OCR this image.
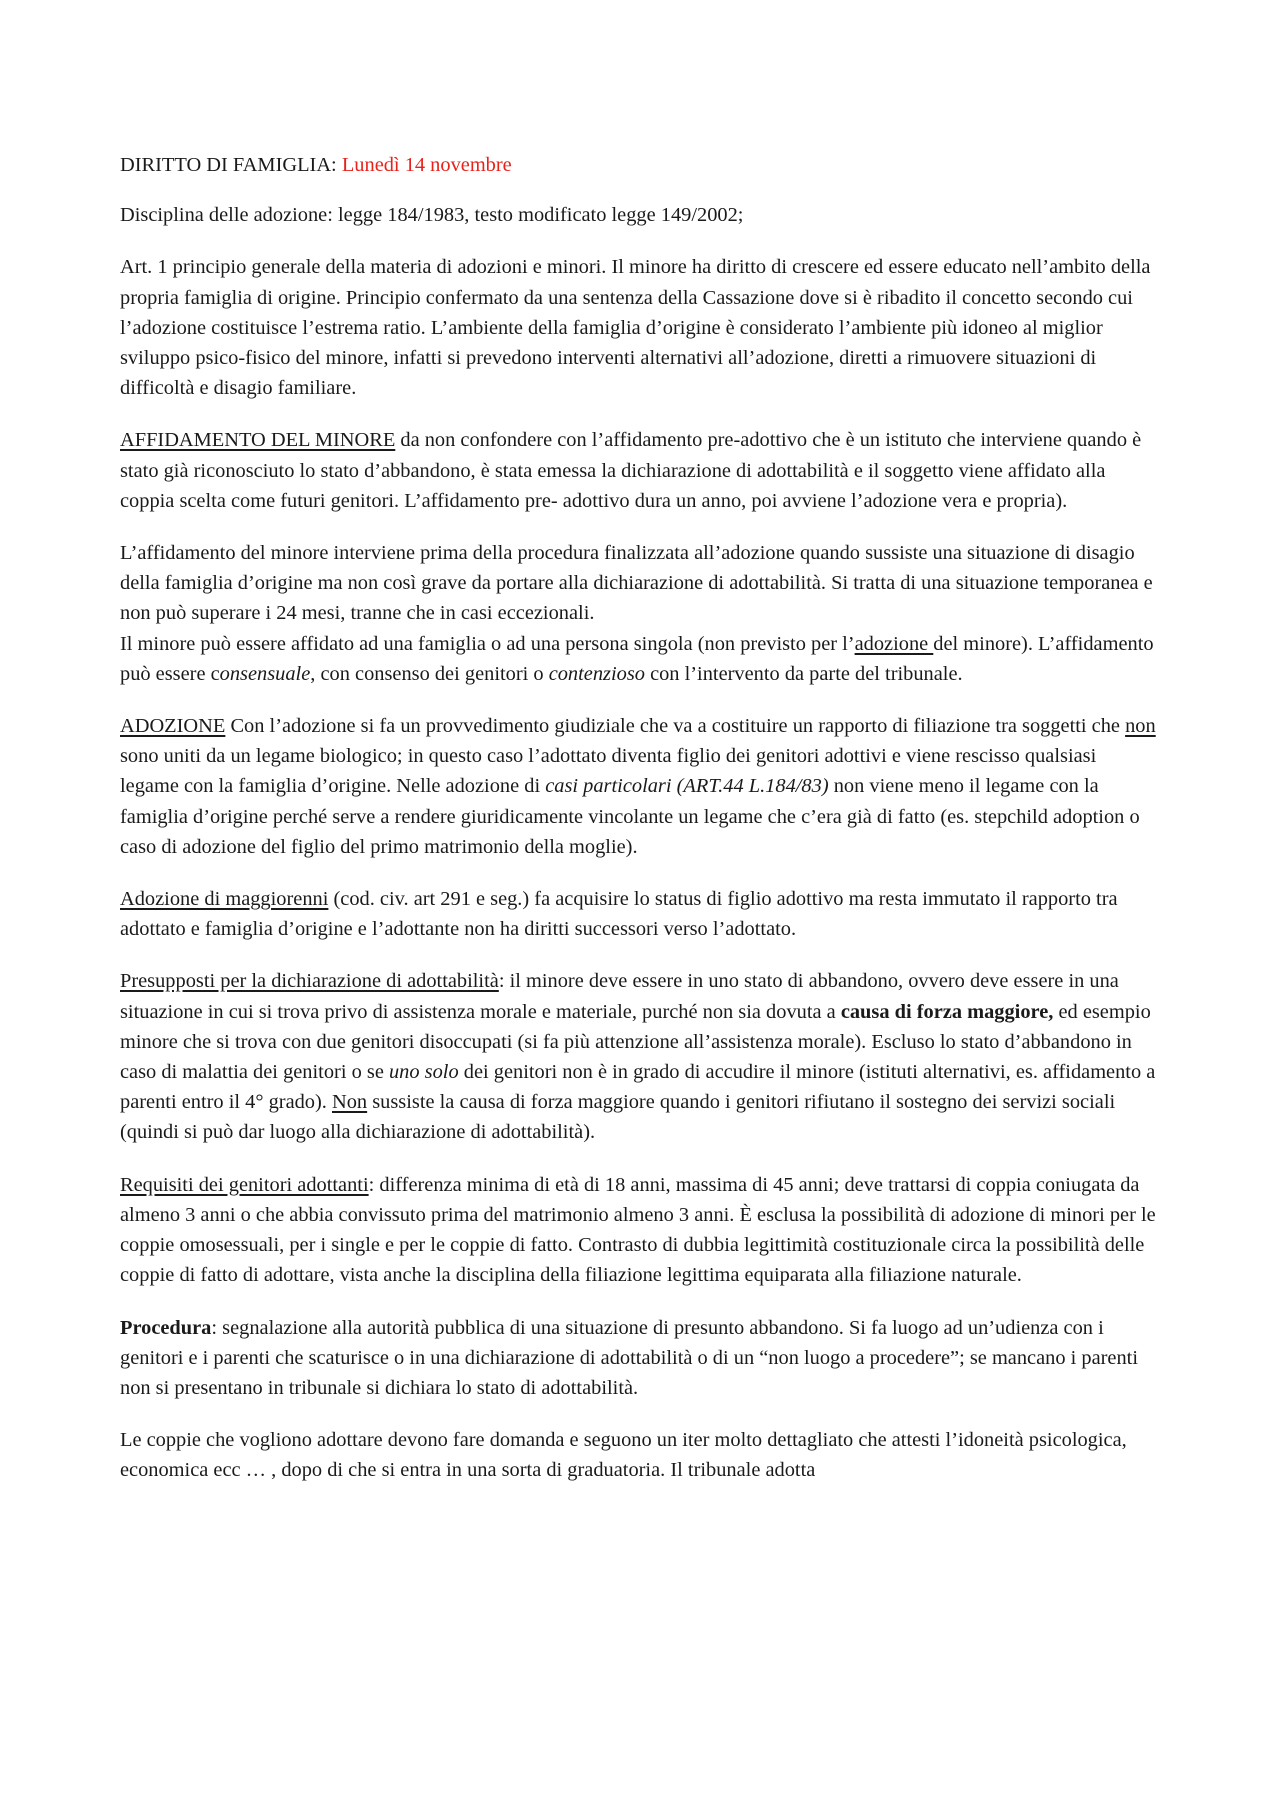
DIRITTO DI FAMIGLIA: Lunedì 14 novembre

Disciplina delle adozione: legge 184/1983, testo modificato legge 149/2002;

Art. 1 principio generale della materia di adozioni e minori. Il minore ha diritto di crescere ed essere educato nell’ambito della propria famiglia di origine. Principio confermato da una sentenza della Cassazione dove si è ribadito il concetto secondo cui l’adozione costituisce l’estrema ratio. L’ambiente della famiglia d’origine è considerato l’ambiente più idoneo al miglior sviluppo psico-fisico del minore, infatti si prevedono interventi alternativi all’adozione, diretti a rimuovere situazioni di difficoltà e disagio familiare.

AFFIDAMENTO DEL MINORE da non confondere con l’affidamento pre-adottivo che è un istituto che interviene quando è stato già riconosciuto lo stato d’abbandono, è stata emessa la dichiarazione di adottabilità e il soggetto viene affidato alla coppia scelta come futuri genitori. L’affidamento pre- adottivo dura un anno, poi avviene l’adozione vera e propria).

L’affidamento del minore interviene prima della procedura finalizzata all’adozione quando sussiste una situazione di disagio della famiglia d’origine ma non così grave da portare alla dichiarazione di adottabilità. Si tratta di una situazione temporanea e non può superare i 24 mesi, tranne che in casi eccezionali.
Il minore può essere affidato ad una famiglia o ad una persona singola (non previsto per l’adozione del minore). L’affidamento può essere consensuale, con consenso dei genitori o contenzioso con l’intervento da parte del tribunale.

ADOZIONE Con l’adozione si fa un provvedimento giudiziale che va a costituire un rapporto di filiazione tra soggetti che non sono uniti da un legame biologico; in questo caso l’adottato diventa figlio dei genitori adottivi e viene rescisso qualsiasi legame con la famiglia d’origine. Nelle adozione di casi particolari (ART.44 L.184/83) non viene meno il legame con la famiglia d’origine perché serve a rendere giuridicamente vincolante un legame che c’era già di fatto (es. stepchild adoption o caso di adozione del figlio del primo matrimonio della moglie).

Adozione di maggiorenni (cod. civ. art 291 e seg.) fa acquisire lo status di figlio adottivo ma resta immutato il rapporto tra adottato e famiglia d’origine e l’adottante non ha diritti successori verso l’adottato.

Presupposti per la dichiarazione di adottabilità: il minore deve essere in uno stato di abbandono, ovvero deve essere in una situazione in cui si trova privo di assistenza morale e materiale, purché non sia dovuta a causa di forza maggiore, ed esempio minore che si trova con due genitori disoccupati (si fa più attenzione all’assistenza morale). Escluso lo stato d’abbandono in caso di malattia dei genitori o se uno solo dei genitori non è in grado di accudire il minore (istituti alternativi, es. affidamento a parenti entro il 4° grado). Non sussiste la causa di forza maggiore quando i genitori rifiutano il sostegno dei servizi sociali (quindi si può dar luogo alla dichiarazione di adottabilità).

Requisiti dei genitori adottanti: differenza minima di età di 18 anni, massima di 45 anni; deve trattarsi di coppia coniugata da almeno 3 anni o che abbia convissuto prima del matrimonio almeno 3 anni. È esclusa la possibilità di adozione di minori per le coppie omosessuali, per i single e per le coppie di fatto. Contrasto di dubbia legittimità costituzionale circa la possibilità delle coppie di fatto di adottare, vista anche la disciplina della filiazione legittima equiparata alla filiazione naturale.

Procedura: segnalazione alla autorità pubblica di una situazione di presunto abbandono. Si fa luogo ad un’udienza con i genitori e i parenti che scaturisce o in una dichiarazione di adottabilità o di un “non luogo a procedere”; se mancano i parenti non si presentano in tribunale si dichiara lo stato di adottabilità.

Le coppie che vogliono adottare devono fare domanda e seguono un iter molto dettagliato che attesti l’idoneità psicologica, economica ecc … , dopo di che si entra in una sorta di graduatoria. Il tribunale adotta
